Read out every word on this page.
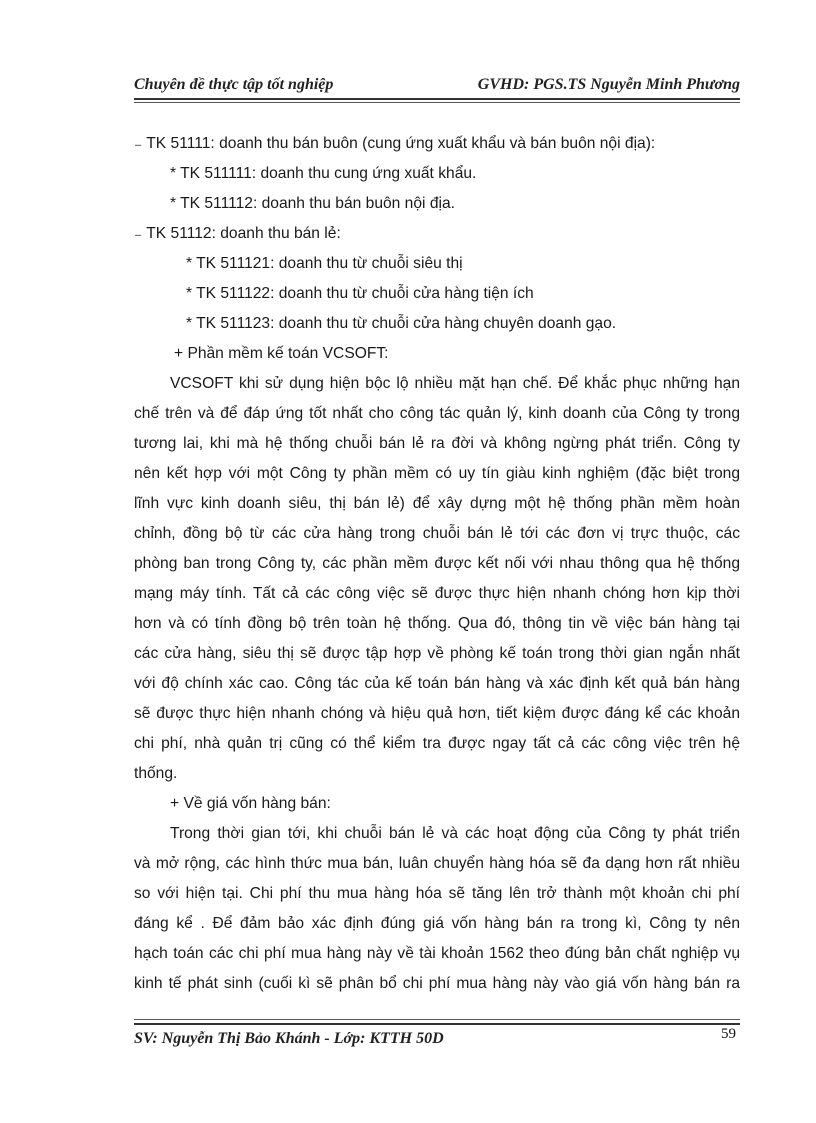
Chuyên đề thực tập tốt nghiệp	GVHD: PGS.TS Nguyễn Minh Phương
₋ TK 51111: doanh thu bán buôn (cung ứng xuất khẩu và bán buôn nội địa):
* TK 511111: doanh thu cung ứng xuất khẩu.
* TK 511112: doanh thu bán buôn nội địa.
₋ TK 51112: doanh thu bán lẻ:
* TK 511121: doanh thu từ chuỗi siêu thị
* TK 511122: doanh thu từ chuỗi cửa hàng tiện ích
* TK 511123: doanh thu từ chuỗi cửa hàng chuyên doanh gạo.
+ Phần mềm kế toán VCSOFT:
VCSOFT khi sử dụng hiện bộc lộ nhiều mặt hạn chế. Để khắc phục những hạn
chế trên và để đáp ứng tốt nhất cho công tác quản lý, kinh doanh của Công ty trong
tương lai, khi mà hệ thống chuỗi bán lẻ ra đời và không ngừng phát triển. Công ty
nên kết hợp với một Công ty phần mềm có uy tín giàu kinh nghiệm (đặc biệt trong
lĩnh vực kinh doanh siêu, thị bán lẻ) để xây dựng một hệ thống phần mềm hoàn
chỉnh, đồng bộ từ các cửa hàng trong chuỗi bán lẻ tới các đơn vị trực thuộc, các
phòng ban trong Công ty, các phần mềm được kết nối với nhau thông qua hệ thống
mạng máy tính. Tất cả các công việc sẽ được thực hiện nhanh chóng hơn kịp thời
hơn và có tính đồng bộ trên toàn hệ thống. Qua đó, thông tin về việc bán hàng tại
các cửa hàng, siêu thị sẽ được tập hợp về phòng kế toán trong thời gian ngắn nhất
với độ chính xác cao. Công tác của kế toán bán hàng và xác định kết quả bán hàng
sẽ được thực hiện nhanh chóng và hiệu quả hơn, tiết kiệm được đáng kể các khoản
chi phí, nhà quản trị cũng có thể kiểm tra được ngay tất cả các công việc trên hệ
thống.
+ Về giá vốn hàng bán:
Trong thời gian tới, khi chuỗi bán lẻ và các hoạt động của Công ty phát triển
và mở rộng, các hình thức mua bán, luân chuyển hàng hóa sẽ đa dạng hơn rất nhiều
so với hiện tại. Chi phí thu mua hàng hóa sẽ tăng lên trở thành một khoản chi phí
đáng kể . Để đảm bảo xác định đúng giá vốn hàng bán ra trong kì, Công ty nên
hạch toán các chi phí mua hàng này về tài khoản 1562 theo đúng bản chất nghiệp vụ
kinh tế phát sinh (cuối kì sẽ phân bổ chi phí mua hàng này vào giá vốn hàng bán ra
SV: Nguyễn Thị Bảo Khánh - Lớp: KTTH 50D	59
